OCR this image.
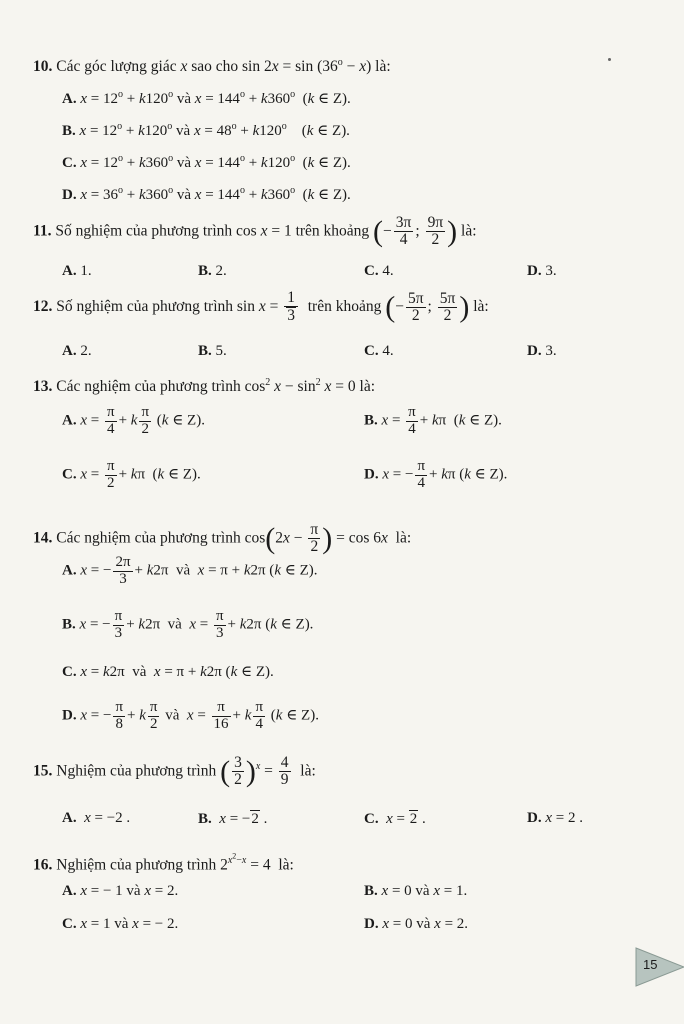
10. Các góc lượng giác x sao cho $\sin 2x = \sin (36^o - x)$ là:
A. $x = 12^o + k120^o$ và $x = 144^o + k360^o$  (k ∈ Z).
B. $x = 12^o + k120^o$ và $x = 48^o + k120^o$    (k ∈ Z).
C. $x = 12^o + k360^o$ và $x = 144^o + k120^o$  (k ∈ Z).
D. $x = 36^o + k360^o$ và $x = 144^o + k360^o$  (k ∈ Z).
11. Số nghiệm của phương trình cos x = 1 trên khoảng (− $\frac{3\pi}{4}$ ; $\frac{9\pi}{2}$ ) là:
A. 1.	B. 2.	C. 4.	D. 3.
12. Số nghiệm của phương trình $\sin x = \frac{1}{3}$ trên khoảng (− $\frac{5\pi}{2}$ ; $\frac{5\pi}{2}$ ) là:
A. 2.	B. 5.	C. 4.	D. 3.
13. Các nghiệm của phương trình $\cos^2 x - \sin^2 x = 0$ là:
A. $x = \frac{\pi}{4} + k \frac{\pi}{2} (k$ ∈ Z).	B. $x = \frac{\pi}{4} + k\pi$  (k ∈ Z).
C. $x = \frac{\pi}{2} + k\pi$  (k ∈ Z).	D. x = − $\frac{\pi}{4} + k\pi$ (k ∈ Z).
14. Các nghiệm của phương trình $\cos(2x - \frac{\pi}{2}$ ) = cos 6x  là:
A. x = − $\frac{2\pi}{3} + k2\pi$  và  x = π + k2π (k ∈ Z).
B. x = − $\frac{\pi}{3} + k2\pi$  và  $x = \frac{\pi}{3} + k2\pi$ (k ∈ Z).
C. x = k2π  và  x = π + k2π (k ∈ Z).
D. x = − $\frac{\pi}{8} + k \frac{\pi}{2}$ và  $x = \frac{\pi}{16} + k \frac{\pi}{4} (k$ ∈ Z).
15. Nghiệm của phương trình ( $\frac{3}{2} )^x = \frac{4}{9}$ là:
A. x = −2 .	B. x = −2 .	C. x = 2 .	D. x = 2 .
16. Nghiệm của phương trình $2^{x^2-x} = 4$  là:
A. x = − 1 và x = 2.	B. x = 0 và x = 1.
C. x = 1 và x = − 2.	D. x = 0 và x = 2.
15
